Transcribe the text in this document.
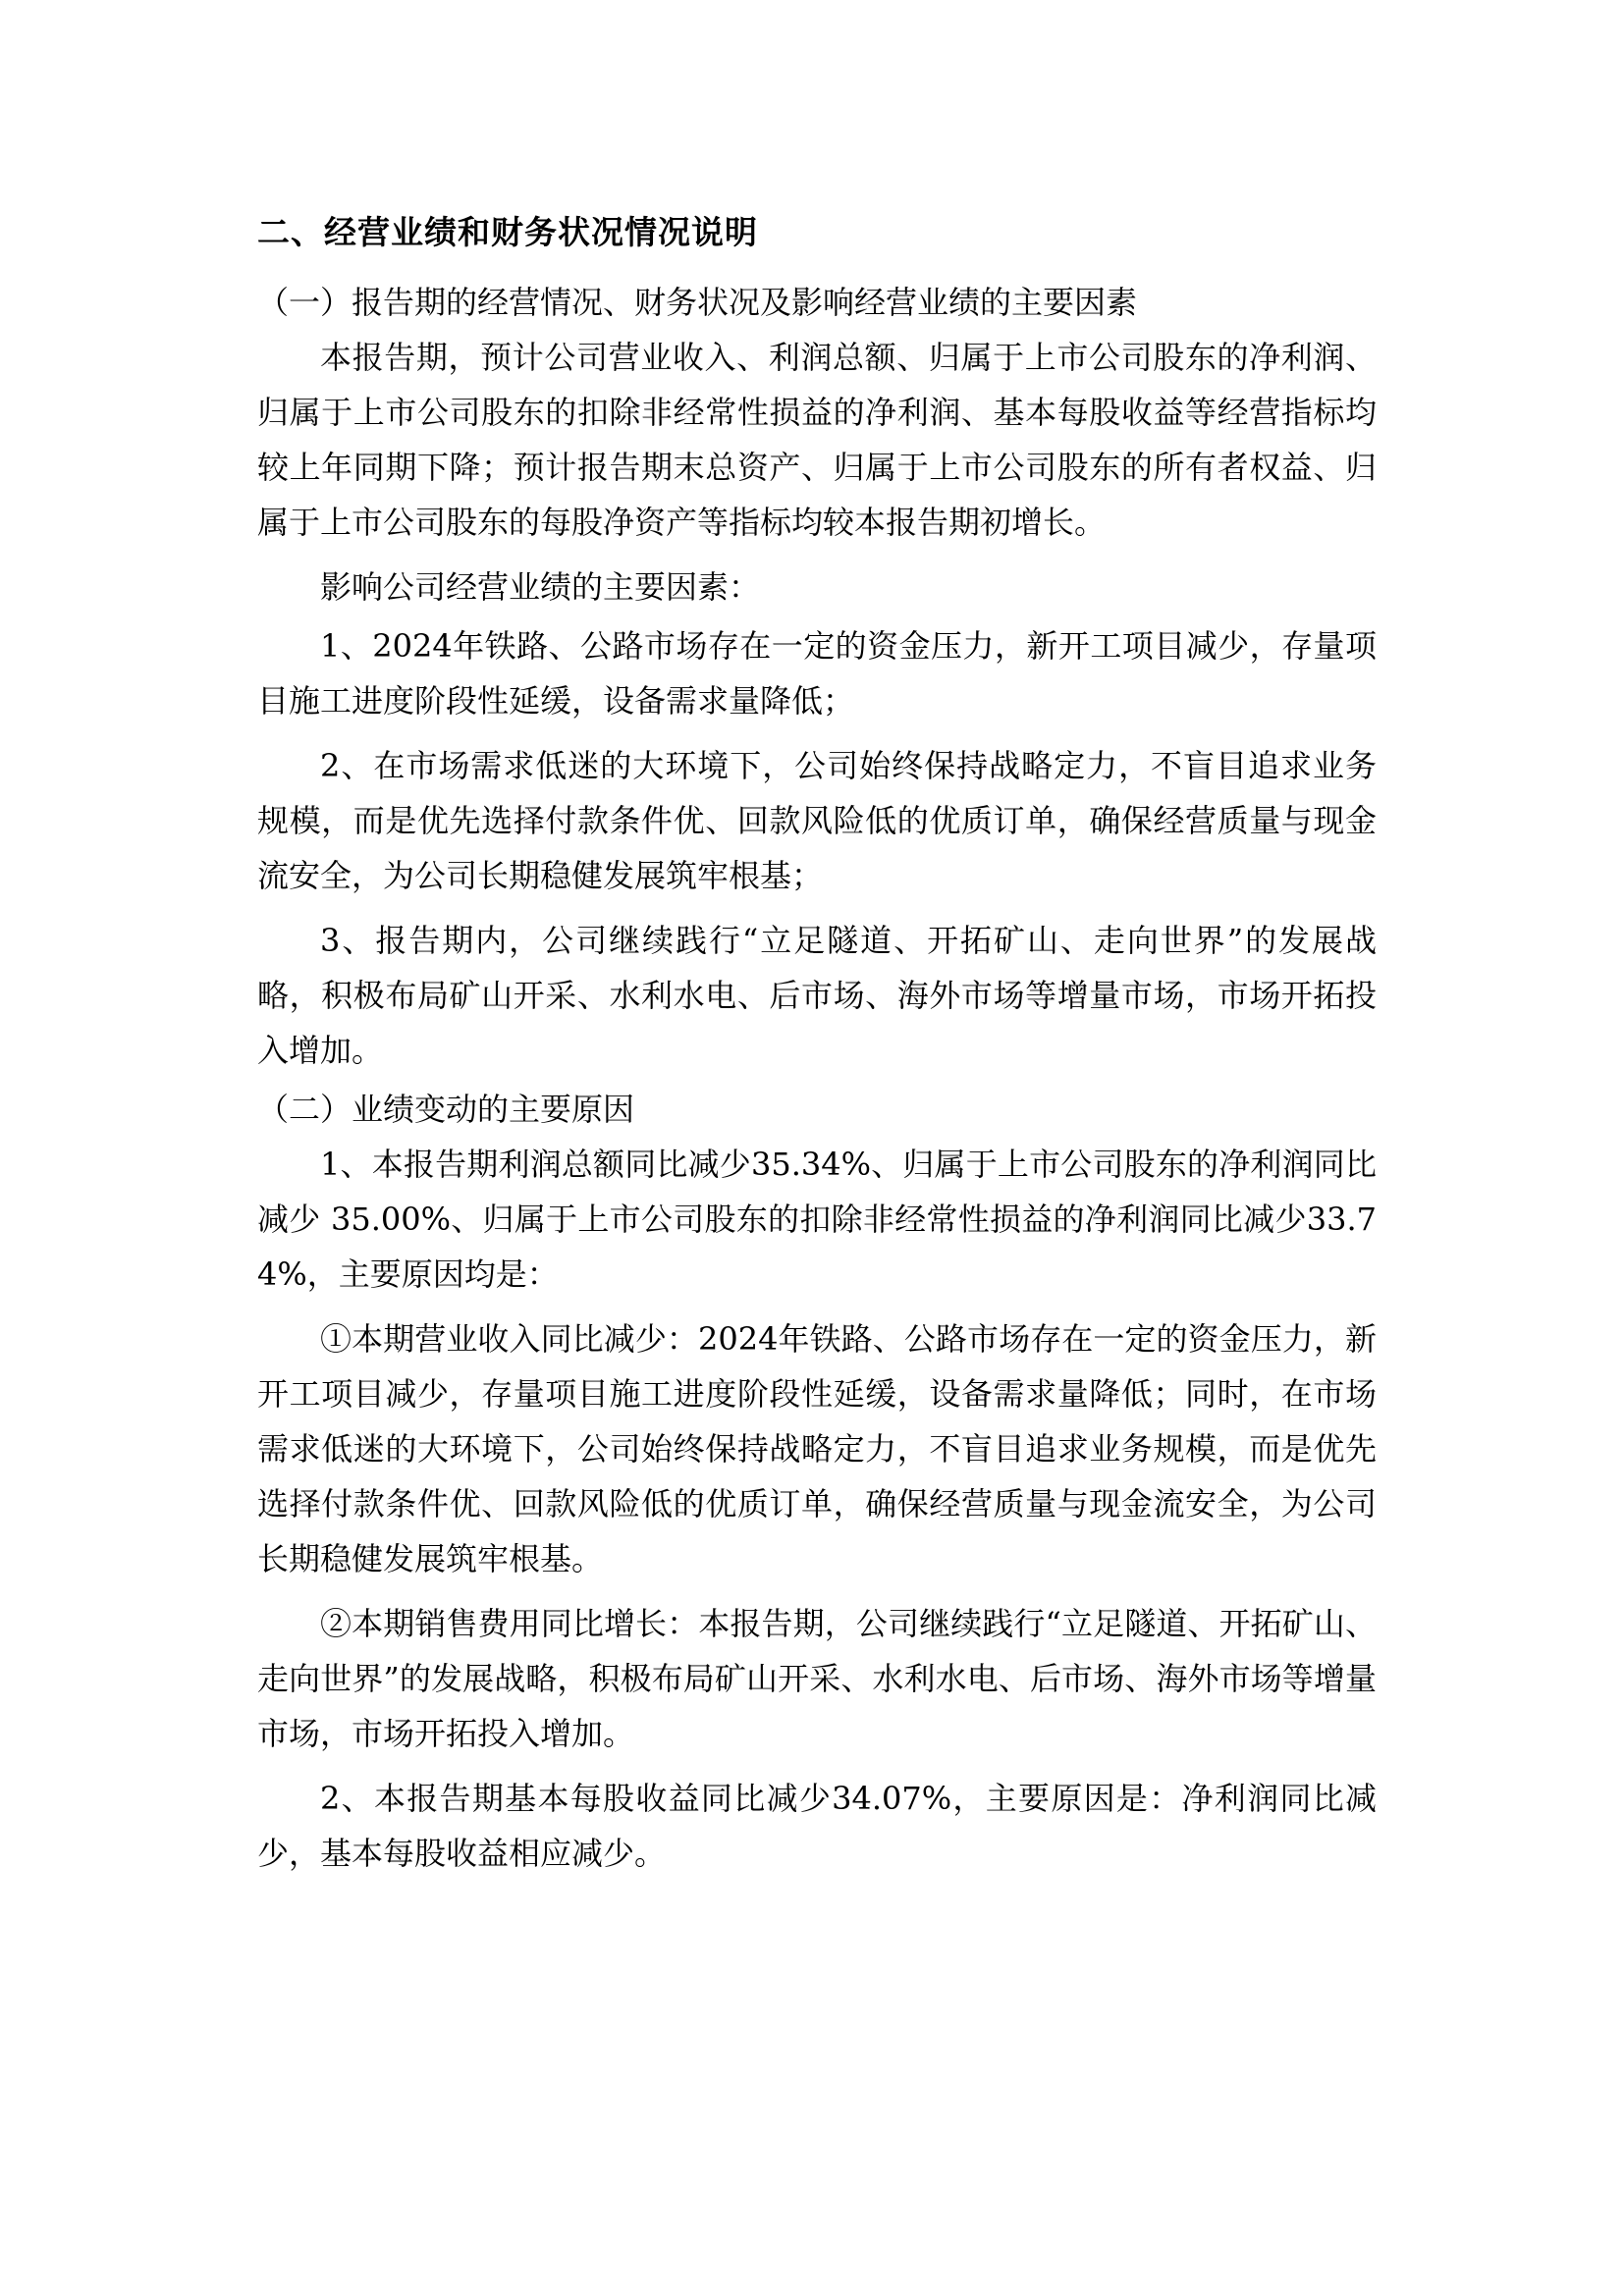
二、经营业绩和财务状况情况说明

（一）报告期的经营情况、财务状况及影响经营业绩的主要因素

本报告期，预计公司营业收入、利润总额、归属于上市公司股东的净利润、归属于上市公司股东的扣除非经常性损益的净利润、基本每股收益等经营指标均较上年同期下降；预计报告期末总资产、归属于上市公司股东的所有者权益、归属于上市公司股东的每股净资产等指标均较本报告期初增长。

影响公司经营业绩的主要因素：

1、2024年铁路、公路市场存在一定的资金压力，新开工项目减少，存量项目施工进度阶段性延缓，设备需求量降低；

2、在市场需求低迷的大环境下，公司始终保持战略定力，不盲目追求业务规模，而是优先选择付款条件优、回款风险低的优质订单，确保经营质量与现金流安全，为公司长期稳健发展筑牢根基；

3、报告期内，公司继续践行“立足隧道、开拓矿山、走向世界”的发展战略，积极布局矿山开采、水利水电、后市场、海外市场等增量市场，市场开拓投入增加。

（二）业绩变动的主要原因

1、本报告期利润总额同比减少35.34%、归属于上市公司股东的净利润同比减少 35.00%、归属于上市公司股东的扣除非经常性损益的净利润同比减少33.74%，主要原因均是：

①本期营业收入同比减少：2024年铁路、公路市场存在一定的资金压力，新开工项目减少，存量项目施工进度阶段性延缓，设备需求量降低；同时，在市场需求低迷的大环境下，公司始终保持战略定力，不盲目追求业务规模，而是优先选择付款条件优、回款风险低的优质订单，确保经营质量与现金流安全，为公司长期稳健发展筑牢根基。

②本期销售费用同比增长：本报告期，公司继续践行“立足隧道、开拓矿山、走向世界”的发展战略，积极布局矿山开采、水利水电、后市场、海外市场等增量市场，市场开拓投入增加。

2、本报告期基本每股收益同比减少34.07%，主要原因是：净利润同比减少，基本每股收益相应减少。
